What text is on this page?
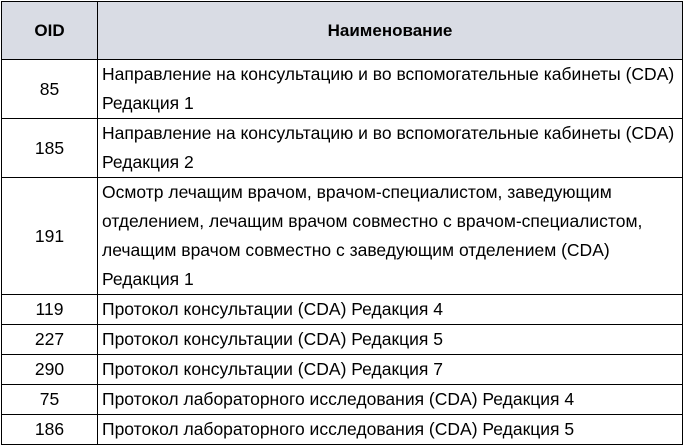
OID	Наименование
85	Направление на консультацию и во вспомогательные кабинеты (CDA) Редакция 1
185	Направление на консультацию и во вспомогательные кабинеты (CDA) Редакция 2
191	Осмотр лечащим врачом, врачом-специалистом, заведующим отделением, лечащим врачом совместно с врачом-специалистом, лечащим врачом совместно с заведующим отделением (CDA) Редакция 1
119	Протокол консультации (CDA) Редакция 4
227	Протокол консультации (CDA) Редакция 5
290	Протокол консультации (CDA) Редакция 7
75	Протокол лабораторного исследования (CDA) Редакция 4
186	Протокол лабораторного исследования (CDA) Редакция 5
